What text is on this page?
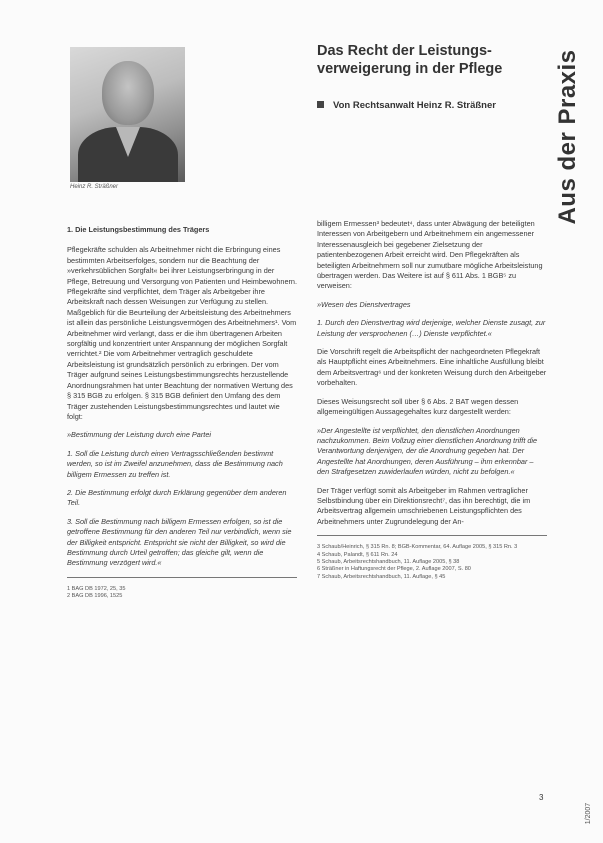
Heinz R. Sträßner
Das Recht der Leistungs-
verweigerung in der Pflege
Von Rechtsanwalt Heinz R. Sträßner Aus der Praxis

1. Die Leistungsbestimmung des Trägers

Pflegekräfte schulden als Arbeitnehmer nicht die Erbringung eines bestimmten Arbeitserfolges, sondern nur die Beachtung der »verkehrsüblichen Sorgfalt« bei ihrer Leistungserbringung in der Pflege, Betreuung und Versorgung von Patienten und Heimbewohnern. Pflegekräfte sind verpflichtet, dem Träger als Arbeitgeber ihre Arbeitskraft nach dessen Weisungen zur Verfügung zu stellen. Maßgeblich für die Beurteilung der Arbeitsleistung des Arbeitnehmers ist allein das persönliche Leistungsvermögen des Arbeitnehmers¹. Vom Arbeitnehmer wird verlangt, dass er die ihm übertragenen Arbeiten sorgfältig und konzentriert unter Anspannung der möglichen Sorgfalt verrichtet.² Die vom Arbeitnehmer vertraglich geschuldete Arbeitsleistung ist grundsätzlich persönlich zu erbringen. Der vom Träger aufgrund seines Leistungsbestimmungsrechts herzustellende Anordnungsrahmen hat unter Beachtung der normativen Wertung des § 315 BGB zu erfolgen. § 315 BGB definiert den Umfang des dem Träger zustehenden Leistungsbestimmungsrechtes und lautet wie folgt:

»Bestimmung der Leistung durch eine Partei

1. Soll die Leistung durch einen Vertragsschließenden bestimmt werden, so ist im Zweifel anzunehmen, dass die Bestimmung nach billigem Ermessen zu treffen ist.

2. Die Bestimmung erfolgt durch Erklärung gegenüber dem anderen Teil.

3. Soll die Bestimmung nach billigem Ermessen erfolgen, so ist die getroffene Bestimmung für den anderen Teil nur verbindlich, wenn sie der Billigkeit entspricht. Entspricht sie nicht der Billigkeit, so wird die Bestimmung durch Urteil getroffen; das gleiche gilt, wenn die Bestimmung verzögert wird.«

1 BAG DB 1972, 25, 35
2 BAG DB 1996, 1525

billigem Ermessen³ bedeutet⁴, dass unter Abwägung der beteiligten Interessen von Arbeitgebern und Arbeitnehmern ein angemessener Interessenausgleich bei gegebener Zielsetzung der patientenbezogenen Arbeit erreicht wird. Den Pflegekräften als beteiligten Arbeitnehmern soll nur zumutbare mögliche Arbeitsleistung übertragen werden. Das Weitere ist auf § 611 Abs. 1 BGB⁵ zu verweisen:

»Wesen des Dienstvertrages

1. Durch den Dienstvertrag wird derjenige, welcher Dienste zusagt, zur Leistung der versprochenen (…) Dienste verpflichtet.«

Die Vorschrift regelt die Arbeitspflicht der nachgeordneten Pflegekraft als Hauptpflicht eines Arbeitnehmers. Eine inhaltliche Ausfüllung bleibt dem Arbeitsvertrag⁶ und der konkreten Weisung durch den Arbeitgeber vorbehalten.

Dieses Weisungsrecht soll über § 6 Abs. 2 BAT wegen dessen allgemeingültigen Aussagegehaltes kurz dargestellt werden:

»Der Angestellte ist verpflichtet, den dienstlichen Anordnungen nachzukommen. Beim Vollzug einer dienstlichen Anordnung trifft die Verantwortung denjenigen, der die Anordnung gegeben hat. Der Angestellte hat Anordnungen, deren Ausführung – ihm erkennbar – den Strafgesetzen zuwiderlaufen würden, nicht zu befolgen.«

Der Träger verfügt somit als Arbeitgeber im Rahmen vertraglicher Selbstbindung über ein Direktionsrecht⁷, das ihn berechtigt, die im Arbeitsvertrag allgemein umschriebenen Leistungspflichten des Arbeitnehmers unter Zugrundelegung der An-

3 Schaub/Heinrich, § 315 Rn. 8; BGB-Kommentar, 64. Auflage 2005, § 315 Rn. 3
4 Schaub, Palandt, § 611 Rn. 24
5 Schaub, Arbeitsrechtshandbuch, 11. Auflage 2005, § 38
6 Sträßner in Haftungsrecht der Pflege, 2. Auflage 2007, S. 80
7 Schaub, Arbeitsrechtshandbuch, 11. Auflage, § 45
3
1/2007
